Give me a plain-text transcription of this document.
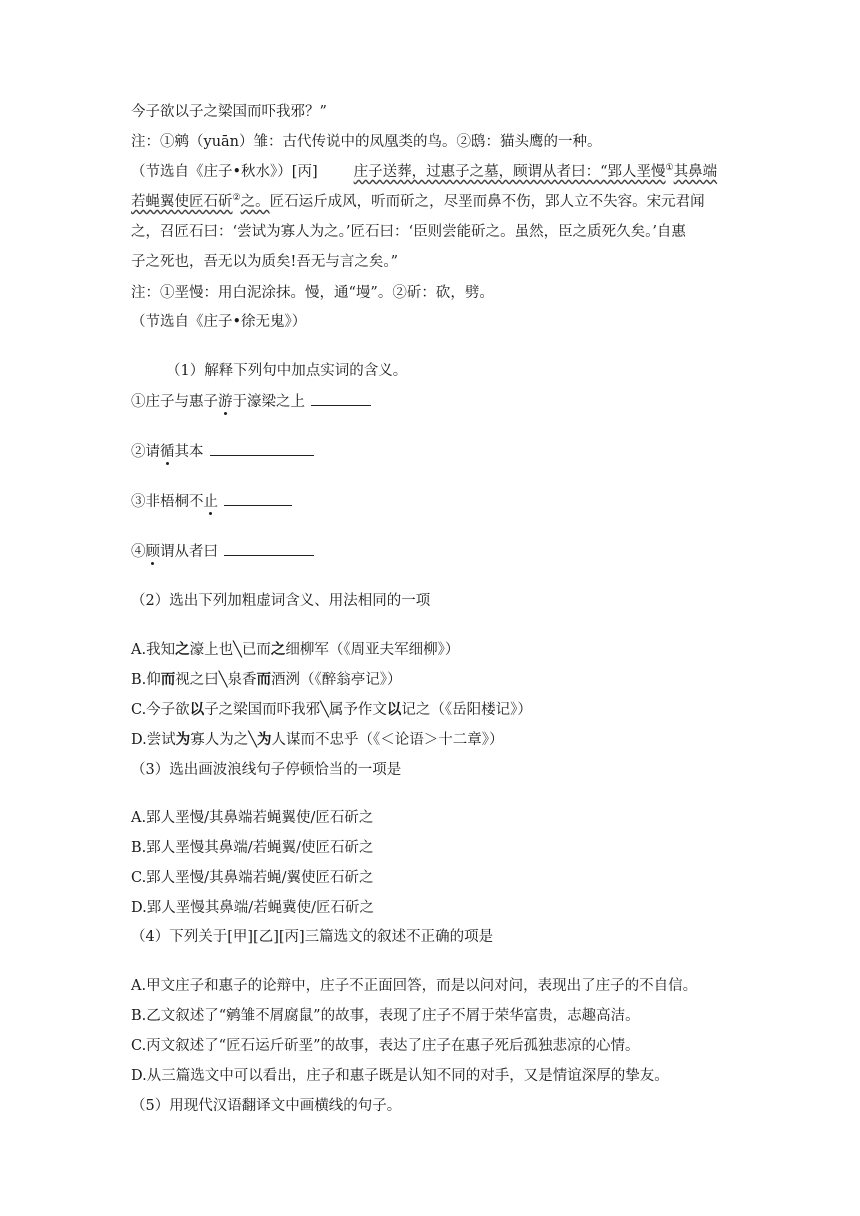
今子欲以子之梁国而吓我邪？”
注：①鹓（yuān）雏：古代传说中的凤凰类的鸟。②鸱：猫头鹰的一种。
（节选自《庄子•秋水》）[丙] 庄子送葬，过惠子之墓，顾谓从者曰：“郢人垩慢①其鼻端
若蝇翼使匠石斫②之。匠石运斤成风，听而斫之，尽垩而鼻不伤，郢人立不失容。宋元君闻
之，召匠石曰：‘尝试为寡人为之。’匠石曰：‘臣则尝能斫之。虽然，臣之质死久矣。’自惠
子之死也，吾无以为质矣!吾无与言之矣。”
注：①垩慢：用白泥涂抹。慢，通“墁”。②斫：砍，劈。
（节选自《庄子•徐无鬼》）
（1）解释下列句中加点实词的含义。
①庄子与惠子游于濠梁之上
②请循其本
③非梧桐不止
④顾谓从者曰
（2）选出下列加粗虚词含义、用法相同的一项
A.我知之濠上也╲已而之细柳军（《周亚夫军细柳》）
B.仰而视之曰╲泉香而酒洌（《醉翁亭记》）
C.今子欲以子之梁国而吓我邪╲属予作文以记之（《岳阳楼记》）
D.尝试为寡人为之╲为人谋而不忠乎（《＜论语＞十二章》）
（3）选出画波浪线句子停顿恰当的一项是
A.郢人垩慢/其鼻端若蝇翼使/匠石斫之
B.郢人垩慢其鼻端/若蝇翼/使匠石斫之
C.郢人垩慢/其鼻端若蝇/翼使匠石斫之
D.郢人垩慢其鼻端/若蝇冀使/匠石斫之
（4）下列关于[甲][乙][丙]三篇选文的叙述不正确的项是
A.甲文庄子和惠子的论辩中，庄子不正面回答，而是以问对问，表现出了庄子的不自信。
B.乙文叙述了“鹓雏不屑腐鼠”的故事，表现了庄子不屑于荣华富贵，志趣高洁。
C.丙文叙述了“匠石运斤斫垩”的故事，表达了庄子在惠子死后孤独悲凉的心情。
D.从三篇选文中可以看出，庄子和惠子既是认知不同的对手，又是情谊深厚的挚友。
（5）用现代汉语翻译文中画横线的句子。
